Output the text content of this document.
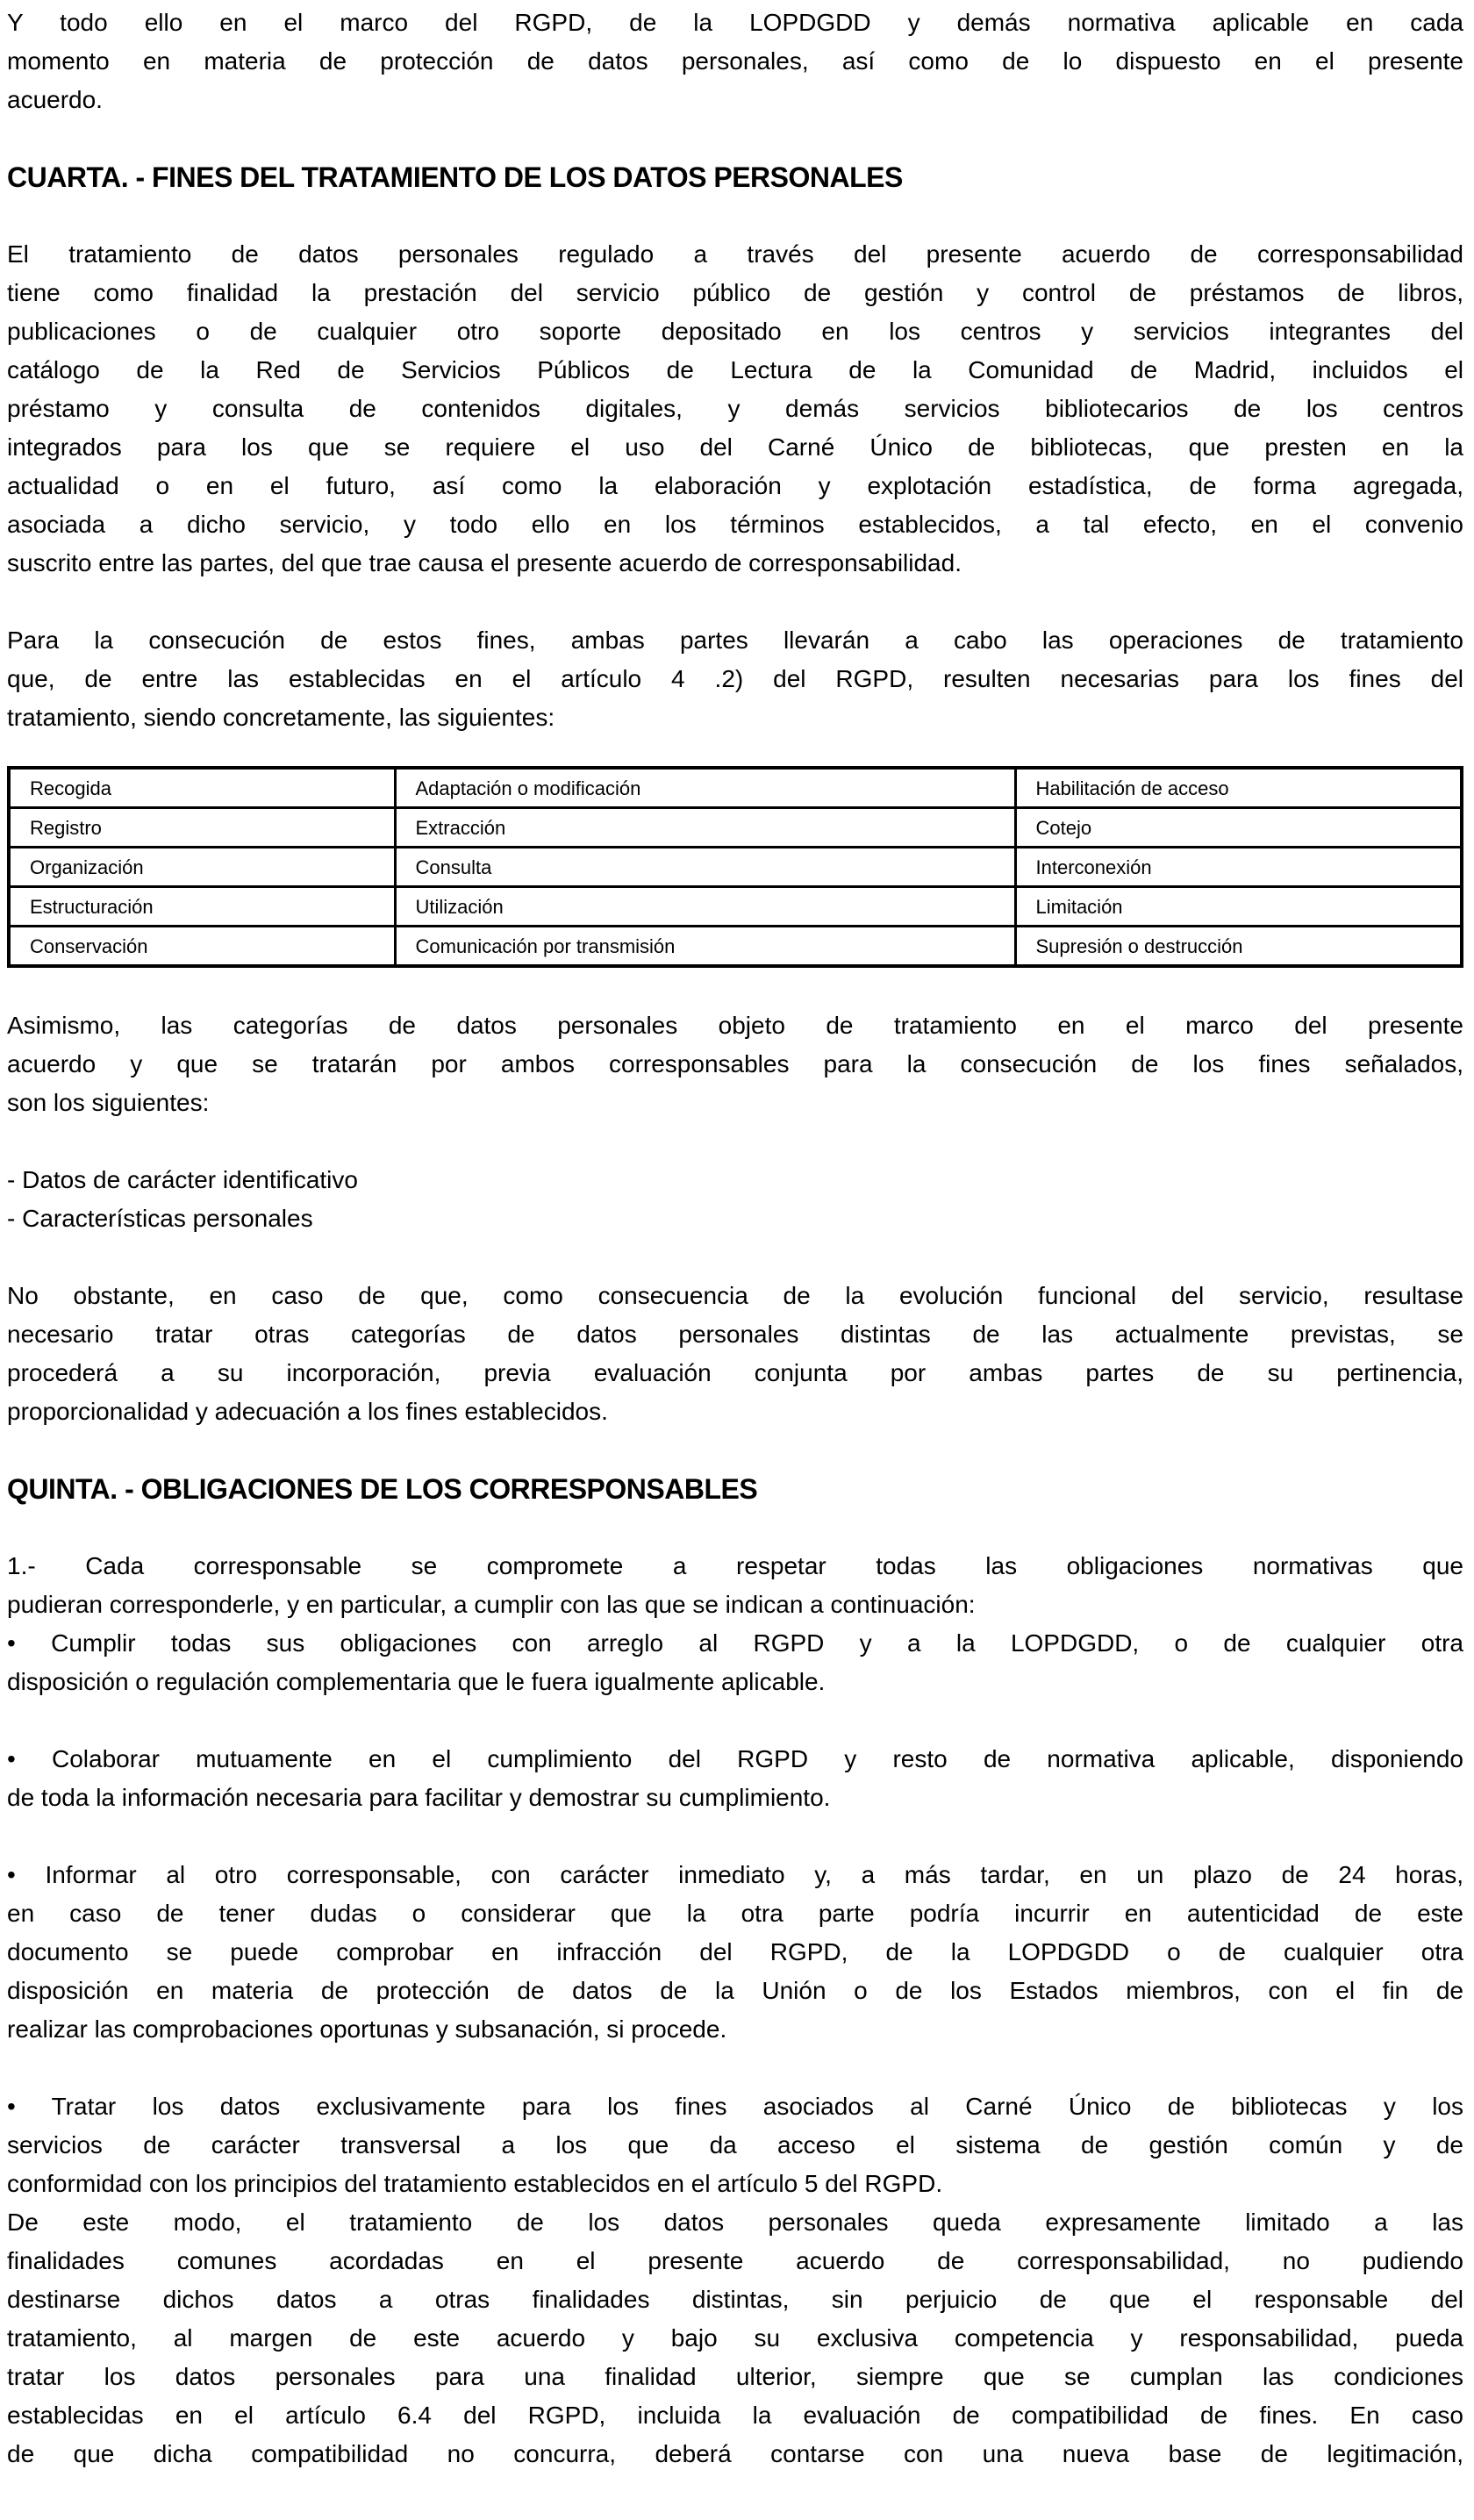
Y todo ello en el marco del RGPD, de la LOPDGDD y demás normativa aplicable en cada
momento en materia de protección de datos personales, así como de lo dispuesto en el presente
acuerdo.
CUARTA. - FINES DEL TRATAMIENTO DE LOS DATOS PERSONALES
El tratamiento de datos personales regulado a través del presente acuerdo de corresponsabilidad
tiene como finalidad la prestación del servicio público de gestión y control de préstamos de libros,
publicaciones o de cualquier otro soporte depositado en los centros y servicios integrantes del
catálogo de la Red de Servicios Públicos de Lectura de la Comunidad de Madrid, incluidos el
préstamo y consulta de contenidos digitales, y demás servicios bibliotecarios de los centros
integrados para los que se requiere el uso del Carné Único de bibliotecas, que presten en la
actualidad o en el futuro, así como la elaboración y explotación estadística, de forma agregada,
asociada a dicho servicio, y todo ello en los términos establecidos, a tal efecto, en el convenio
suscrito entre las partes, del que trae causa el presente acuerdo de corresponsabilidad.
Para la consecución de estos fines, ambas partes llevarán a cabo las operaciones de tratamiento
que, de entre las establecidas en el artículo 4 .2) del RGPD, resulten necesarias para los fines del
tratamiento, siendo concretamente, las siguientes:
Recogida	Adaptación o modificación	Habilitación de acceso
Registro	Extracción	Cotejo
Organización	Consulta	Interconexión
Estructuración	Utilización	Limitación
Conservación	Comunicación por transmisión	Supresión o destrucción
Asimismo, las categorías de datos personales objeto de tratamiento en el marco del presente
acuerdo y que se tratarán por ambos corresponsables para la consecución de los fines señalados,
son los siguientes:
- Datos de carácter identificativo
- Características personales
No obstante, en caso de que, como consecuencia de la evolución funcional del servicio, resultase
necesario tratar otras categorías de datos personales distintas de las actualmente previstas, se
procederá a su incorporación, previa evaluación conjunta por ambas partes de su pertinencia,
proporcionalidad y adecuación a los fines establecidos.
QUINTA. - OBLIGACIONES DE LOS CORRESPONSABLES
1.- Cada corresponsable se compromete a respetar todas las obligaciones normativas que
pudieran corresponderle, y en particular, a cumplir con las que se indican a continuación:
• Cumplir todas sus obligaciones con arreglo al RGPD y a la LOPDGDD, o de cualquier otra
disposición o regulación complementaria que le fuera igualmente aplicable.
• Colaborar mutuamente en el cumplimiento del RGPD y resto de normativa aplicable, disponiendo
de toda la información necesaria para facilitar y demostrar su cumplimiento.
• Informar al otro corresponsable, con carácter inmediato y, a más tardar, en un plazo de 24 horas,
en caso de tener dudas o considerar que la otra parte podría incurrir en autenticidad de este
documento se puede comprobar en infracción del RGPD, de la LOPDGDD o de cualquier otra
disposición en materia de protección de datos de la Unión o de los Estados miembros, con el fin de
realizar las comprobaciones oportunas y subsanación, si procede.
• Tratar los datos exclusivamente para los fines asociados al Carné Único de bibliotecas y los
servicios de carácter transversal a los que da acceso el sistema de gestión común y de
conformidad con los principios del tratamiento establecidos en el artículo 5 del RGPD.
De este modo, el tratamiento de los datos personales queda expresamente limitado a las
finalidades comunes acordadas en el presente acuerdo de corresponsabilidad, no pudiendo
destinarse dichos datos a otras finalidades distintas, sin perjuicio de que el responsable del
tratamiento, al margen de este acuerdo y bajo su exclusiva competencia y responsabilidad, pueda
tratar los datos personales para una finalidad ulterior, siempre que se cumplan las condiciones
establecidas en el artículo 6.4 del RGPD, incluida la evaluación de compatibilidad de fines. En caso
de que dicha compatibilidad no concurra, deberá contarse con una nueva base de legitimación,
